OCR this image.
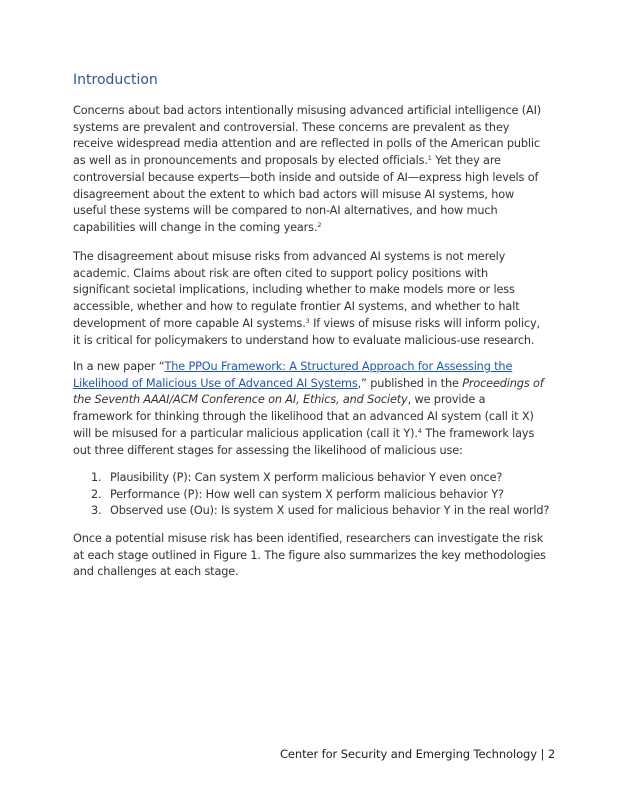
Introduction

Concerns about bad actors intentionally misusing advanced artificial intelligence (AI) systems are prevalent and controversial. These concerns are prevalent as they receive widespread media attention and are reflected in polls of the American public as well as in pronouncements and proposals by elected officials.$^1$ Yet they are controversial because experts—both inside and outside of AI—express high levels of disagreement about the extent to which bad actors will misuse AI systems, how useful these systems will be compared to non-AI alternatives, and how much capabilities will change in the coming years.$^2$

The disagreement about misuse risks from advanced AI systems is not merely academic. Claims about risk are often cited to support policy positions with significant societal implications, including whether to make models more or less accessible, whether and how to regulate frontier AI systems, and whether to halt development of more capable AI systems.$^3$ If views of misuse risks will inform policy, it is critical for policymakers to understand how to evaluate malicious-use research.

In a new paper “The PPOu Framework: A Structured Approach for Assessing the Likelihood of Malicious Use of Advanced AI Systems,” published in the Proceedings of the Seventh AAAI/ACM Conference on AI, Ethics, and Society, we provide a framework for thinking through the likelihood that an advanced AI system (call it X) will be misused for a particular malicious application (call it Y).$^4$ The framework lays out three different stages for assessing the likelihood of malicious use:

1. Plausibility (P): Can system X perform malicious behavior Y even once?
2. Performance (P): How well can system X perform malicious behavior Y?
3. Observed use (Ou): Is system X used for malicious behavior Y in the real world?

Once a potential misuse risk has been identified, researchers can investigate the risk at each stage outlined in Figure 1. The figure also summarizes the key methodologies and challenges at each stage.

Center for Security and Emerging Technology | 2
